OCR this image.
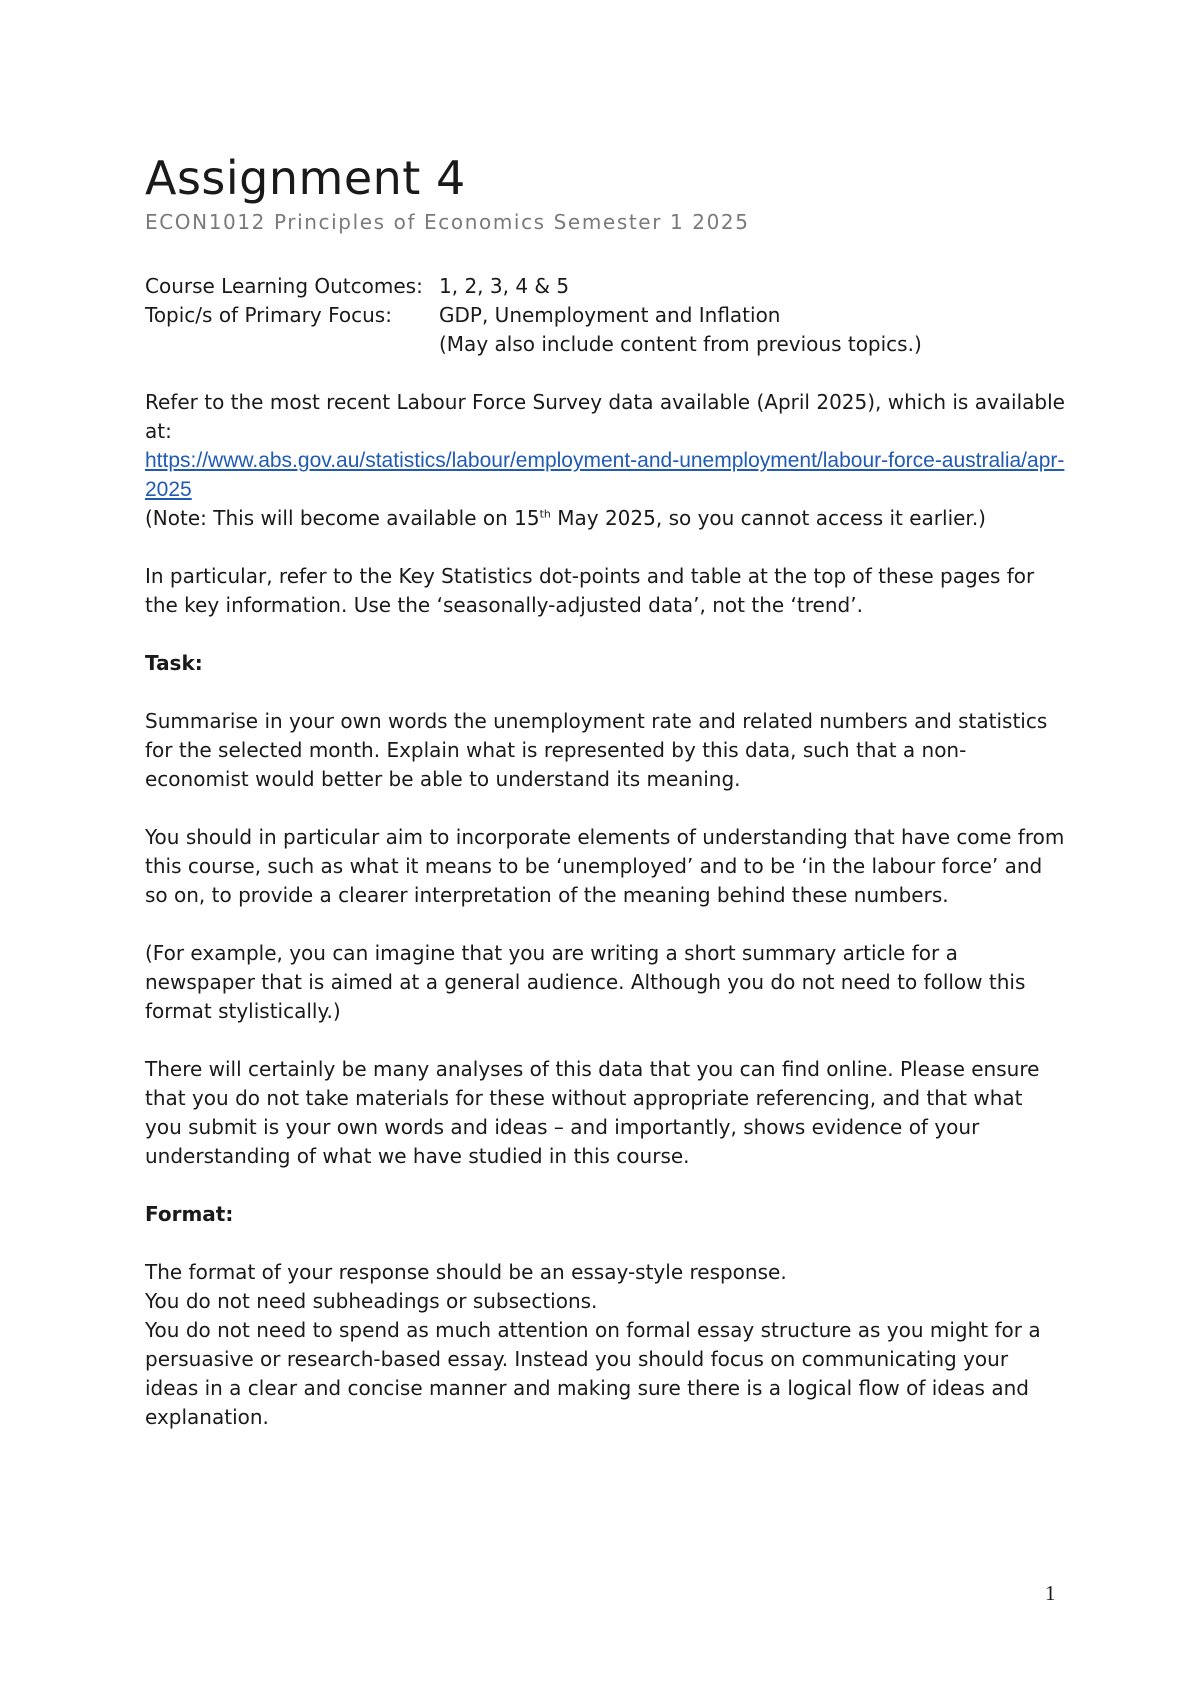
Assignment 4
ECON1012 Principles of Economics Semester 1 2025
Course Learning Outcomes: 1, 2, 3, 4 & 5
Topic/s of Primary Focus:	GDP, Unemployment and Inflation
(May also include content from previous topics.)

Refer to the most recent Labour Force Survey data available (April 2025), which is available at:

https://www.abs.gov.au/statistics/labour/employment-and-unemployment/labour-force-australia/apr-2025

(Note: This will become available on 15th May 2025, so you cannot access it earlier.)

In particular, refer to the Key Statistics dot-points and table at the top of these pages for the key information. Use the ‘seasonally-adjusted data’, not the ‘trend’.

Task:

Summarise in your own words the unemployment rate and related numbers and statistics for the selected month. Explain what is represented by this data, such that a non-economist would better be able to understand its meaning.

You should in particular aim to incorporate elements of understanding that have come from this course, such as what it means to be ‘unemployed’ and to be ‘in the labour force’ and so on, to provide a clearer interpretation of the meaning behind these numbers.

(For example, you can imagine that you are writing a short summary article for a newspaper that is aimed at a general audience. Although you do not need to follow this format stylistically.)

There will certainly be many analyses of this data that you can find online. Please ensure that you do not take materials for these without appropriate referencing, and that what you submit is your own words and ideas – and importantly, shows evidence of your understanding of what we have studied in this course.

Format:

The format of your response should be an essay-style response.

You do not need subheadings or subsections.

You do not need to spend as much attention on formal essay structure as you might for a persuasive or research-based essay. Instead you should focus on communicating your ideas in a clear and concise manner and making sure there is a logical flow of ideas and explanation.

1
